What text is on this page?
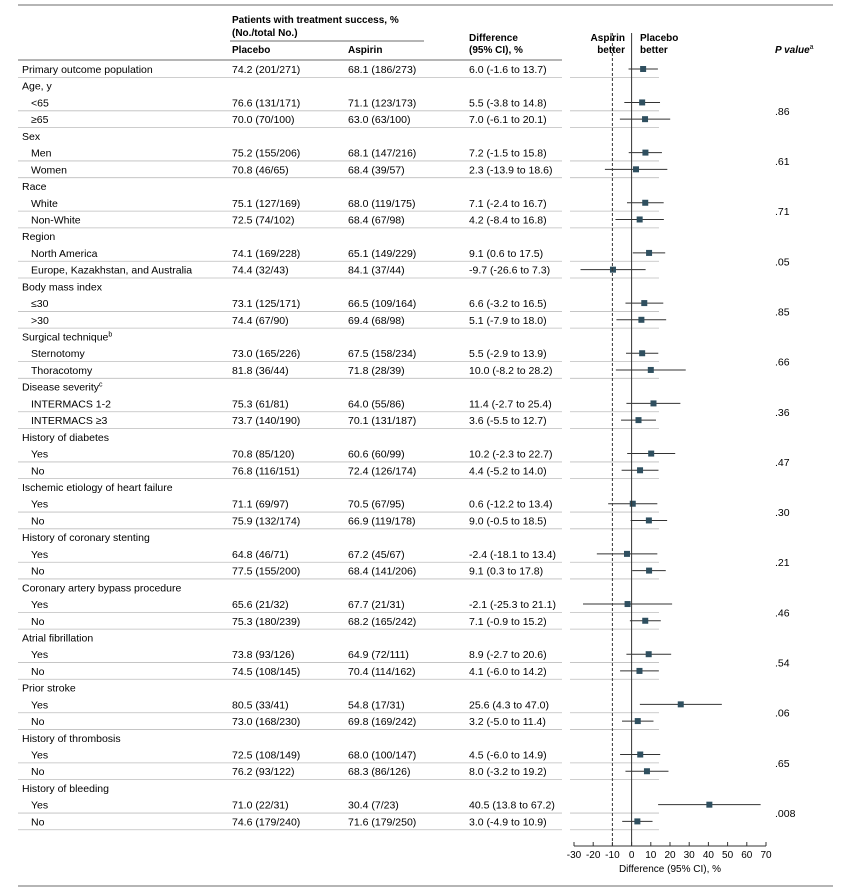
Patients with treatment success, %
(No./total No.)
Placebo	Aspirin
Difference
(95% CI), %
Aspirin
better
Placebo
better	P value$^a$
Primary outcome population	74.2 (201/271)	68.1 (186/273)	6.0 (-1.6 to 13.7)
Age, y
.86
<65	76.6 (131/171)	71.1 (123/173)	5.5 (-3.8 to 14.8)
≥65	70.0 (70/100)	63.0 (63/100)	7.0 (-6.1 to 20.1)
Sex
.61
Men	75.2 (155/206)	68.1 (147/216)	7.2 (-1.5 to 15.8)
Women	70.8 (46/65)	68.4 (39/57)	2.3 (-13.9 to 18.6)
Race
.71
White	75.1 (127/169)	68.0 (119/175)	7.1 (-2.4 to 16.7)
Non-White	72.5 (74/102)	68.4 (67/98)	4.2 (-8.4 to 16.8)
Region
.05
North America	74.1 (169/228)	65.1 (149/229)	9.1 (0.6 to 17.5)
Europe, Kazakhstan, and Australia	74.4 (32/43)	84.1 (37/44)	-9.7 (-26.6 to 7.3)
Body mass index
.85
≤30	73.1 (125/171)	66.5 (109/164)	6.6 (-3.2 to 16.5)
>30	74.4 (67/90)	69.4 (68/98)	5.1 (-7.9 to 18.0)
Surgical technique$^b$
.66
Sternotomy	73.0 (165/226)	67.5 (158/234)	5.5 (-2.9 to 13.9)
Thoracotomy	81.8 (36/44)	71.8 (28/39)	10.0 (-8.2 to 28.2)
Disease severity$^c$
.36
INTERMACS 1-2	75.3 (61/81)	64.0 (55/86)	11.4 (-2.7 to 25.4)
INTERMACS ≥3	73.7 (140/190)	70.1 (131/187)	3.6 (-5.5 to 12.7)
History of diabetes
.47
Yes	70.8 (85/120)	60.6 (60/99)	10.2 (-2.3 to 22.7)
No	76.8 (116/151)	72.4 (126/174)	4.4 (-5.2 to 14.0)
Ischemic etiology of heart failure
.30
Yes	71.1 (69/97)	70.5 (67/95)	0.6 (-12.2 to 13.4)
No	75.9 (132/174)	66.9 (119/178)	9.0 (-0.5 to 18.5)
History of coronary stenting
.21
Yes	64.8 (46/71)	67.2 (45/67)	-2.4 (-18.1 to 13.4)
No	77.5 (155/200)	68.4 (141/206)	9.1 (0.3 to 17.8)
Coronary artery bypass procedure
.46
Yes	65.6 (21/32)	67.7 (21/31)	-2.1 (-25.3 to 21.1)
No	75.3 (180/239)	68.2 (165/242)	7.1 (-0.9 to 15.2)
Atrial fibrillation
.54
Yes	73.8 (93/126)	64.9 (72/111)	8.9 (-2.7 to 20.6)
No	74.5 (108/145)	70.4 (114/162)	4.1 (-6.0 to 14.2)
Prior stroke
.06
Yes	80.5 (33/41)	54.8 (17/31)	25.6 (4.3 to 47.0)
No	73.0 (168/230)	69.8 (169/242)	3.2 (-5.0 to 11.4)
History of thrombosis
.65
Yes	72.5 (108/149)	68.0 (100/147)	4.5 (-6.0 to 14.9)
No	76.2 (93/122)	68.3 (86/126)	8.0 (-3.2 to 19.2)
History of bleeding
.008
Yes	71.0 (22/31)	30.4 (7/23)	40.5 (13.8 to 67.2)
No	74.6 (179/240)	71.6 (179/250)	3.0 (-4.9 to 10.9)
-30 -20 -10 0 10 20 30 40 50 60 70
Difference (95% CI), %
